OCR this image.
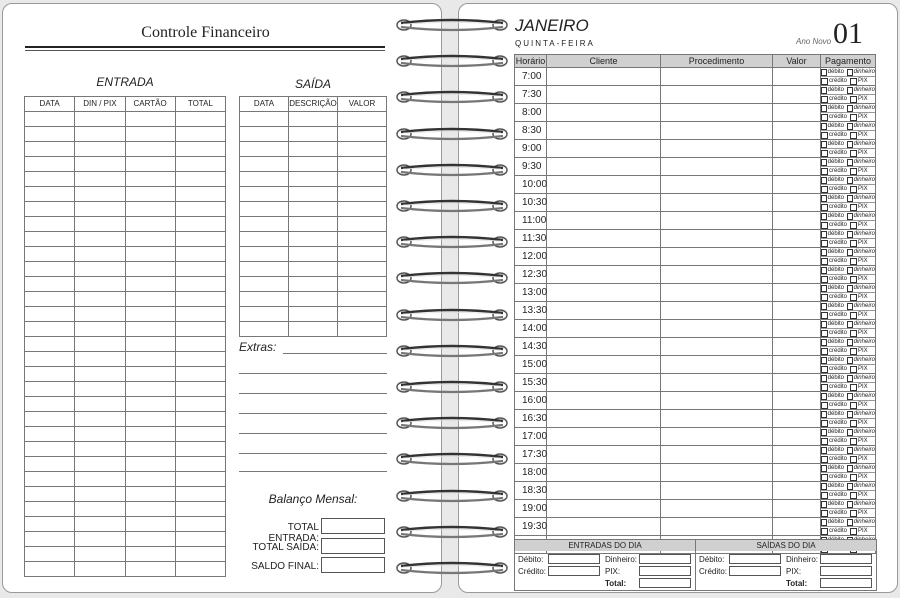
Controle Financeiro
ENTRADA
DATA	DIN / PIX	CARTÃO	TOTAL

SAÍDA
DATA	DESCRIÇÃO	VALOR

Extras:
Balanço Mensal:
TOTAL ENTRADA:
TOTAL SAÍDA:
SALDO FINAL:
JANEIRO
QUINTA-FEIRA	Ano Novo 01
Horário	Cliente	Procedimento	Valor	Pagamento
7:00				débito dinheiro
crédito PIX

7:30				débito dinheiro
crédito PIX

8:00				débito dinheiro
crédito PIX

8:30				débito dinheiro
crédito PIX

9:00				débito dinheiro
crédito PIX

9:30				débito dinheiro
crédito PIX

10:00				débito dinheiro
crédito PIX

10:30				débito dinheiro
crédito PIX

11:00				débito dinheiro
crédito PIX

11:30				débito dinheiro
crédito PIX

12:00				débito dinheiro
crédito PIX

12:30				débito dinheiro
crédito PIX

13:00				débito dinheiro
crédito PIX

13:30				débito dinheiro
crédito PIX

14:00				débito dinheiro
crédito PIX

14:30				débito dinheiro
crédito PIX

15:00				débito dinheiro
crédito PIX

15:30				débito dinheiro
crédito PIX

16:00				débito dinheiro
crédito PIX

16:30				débito dinheiro
crédito PIX

17:00				débito dinheiro
crédito PIX

17:30				débito dinheiro
crédito PIX

18:00				débito dinheiro
crédito PIX

18:30				débito dinheiro
crédito PIX

19:00				débito dinheiro
crédito PIX

19:30				débito dinheiro
crédito PIX

ENTRADAS DO DIA
Débito:	Dinheiro:
Crédito:	PIX:
Total:
SAÍDAS DO DIA
Débito:	Dinheiro:
Crédito:	PIX:
Total:
